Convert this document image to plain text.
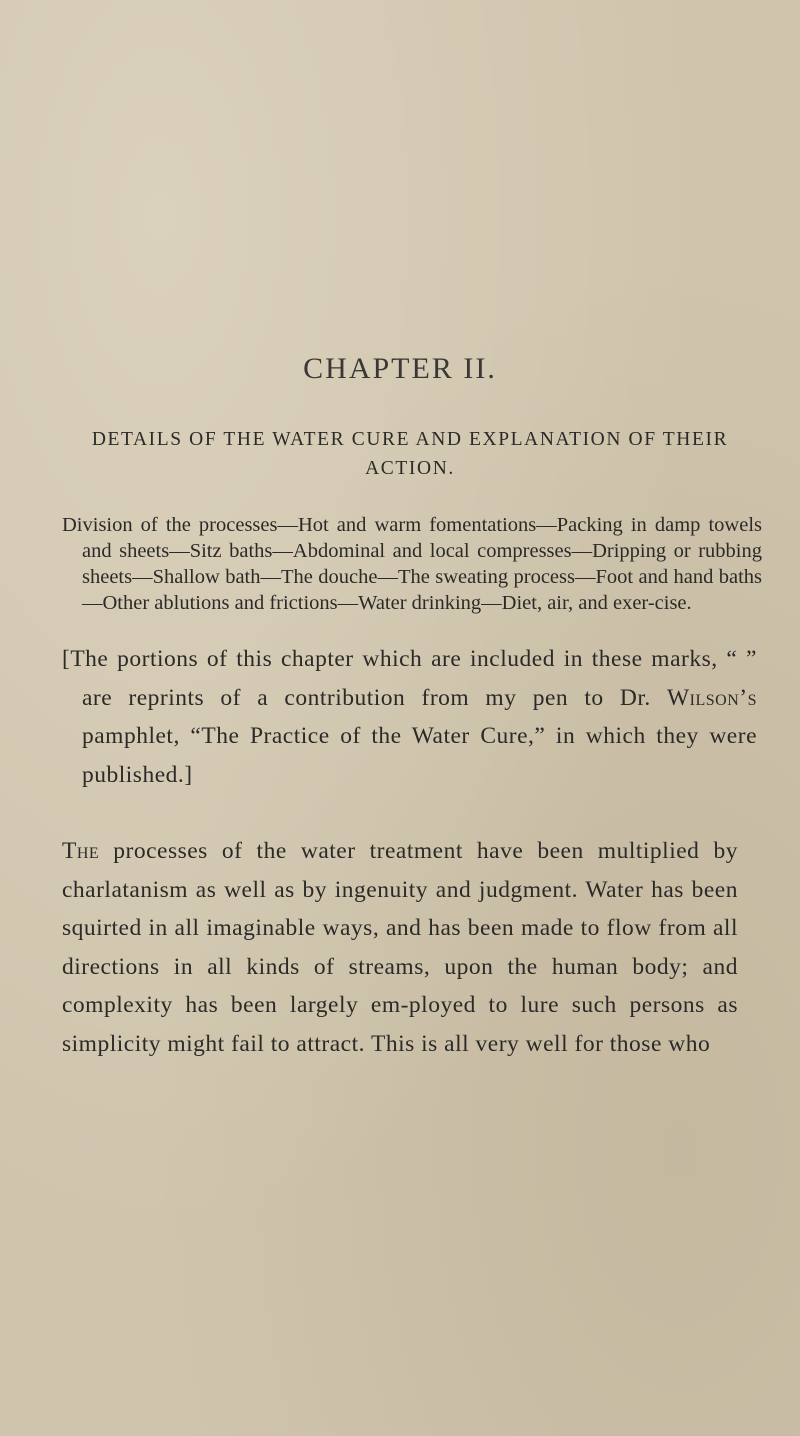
CHAPTER II.
DETAILS OF THE WATER CURE AND EXPLANATION OF THEIR ACTION.

Division of the processes—Hot and warm fomentations—Packing in damp towels and sheets—Sitz baths—Abdominal and local compresses—Dripping or rubbing sheets—Shallow bath—The douche—The sweating process—Foot and hand baths—Other ablutions and frictions—Water drinking—Diet, air, and exer-cise.

[The portions of this chapter which are included in these marks, “ ” are reprints of a contribution from my pen to Dr. Wilson’s pamphlet, “The Practice of the Water Cure,” in which they were published.]

The processes of the water treatment have been multiplied by charlatanism as well as by ingenuity and judgment. Water has been squirted in all imaginable ways, and has been made to flow from all directions in all kinds of streams, upon the human body; and complexity has been largely em-ployed to lure such persons as simplicity might fail to attract. This is all very well for those who
